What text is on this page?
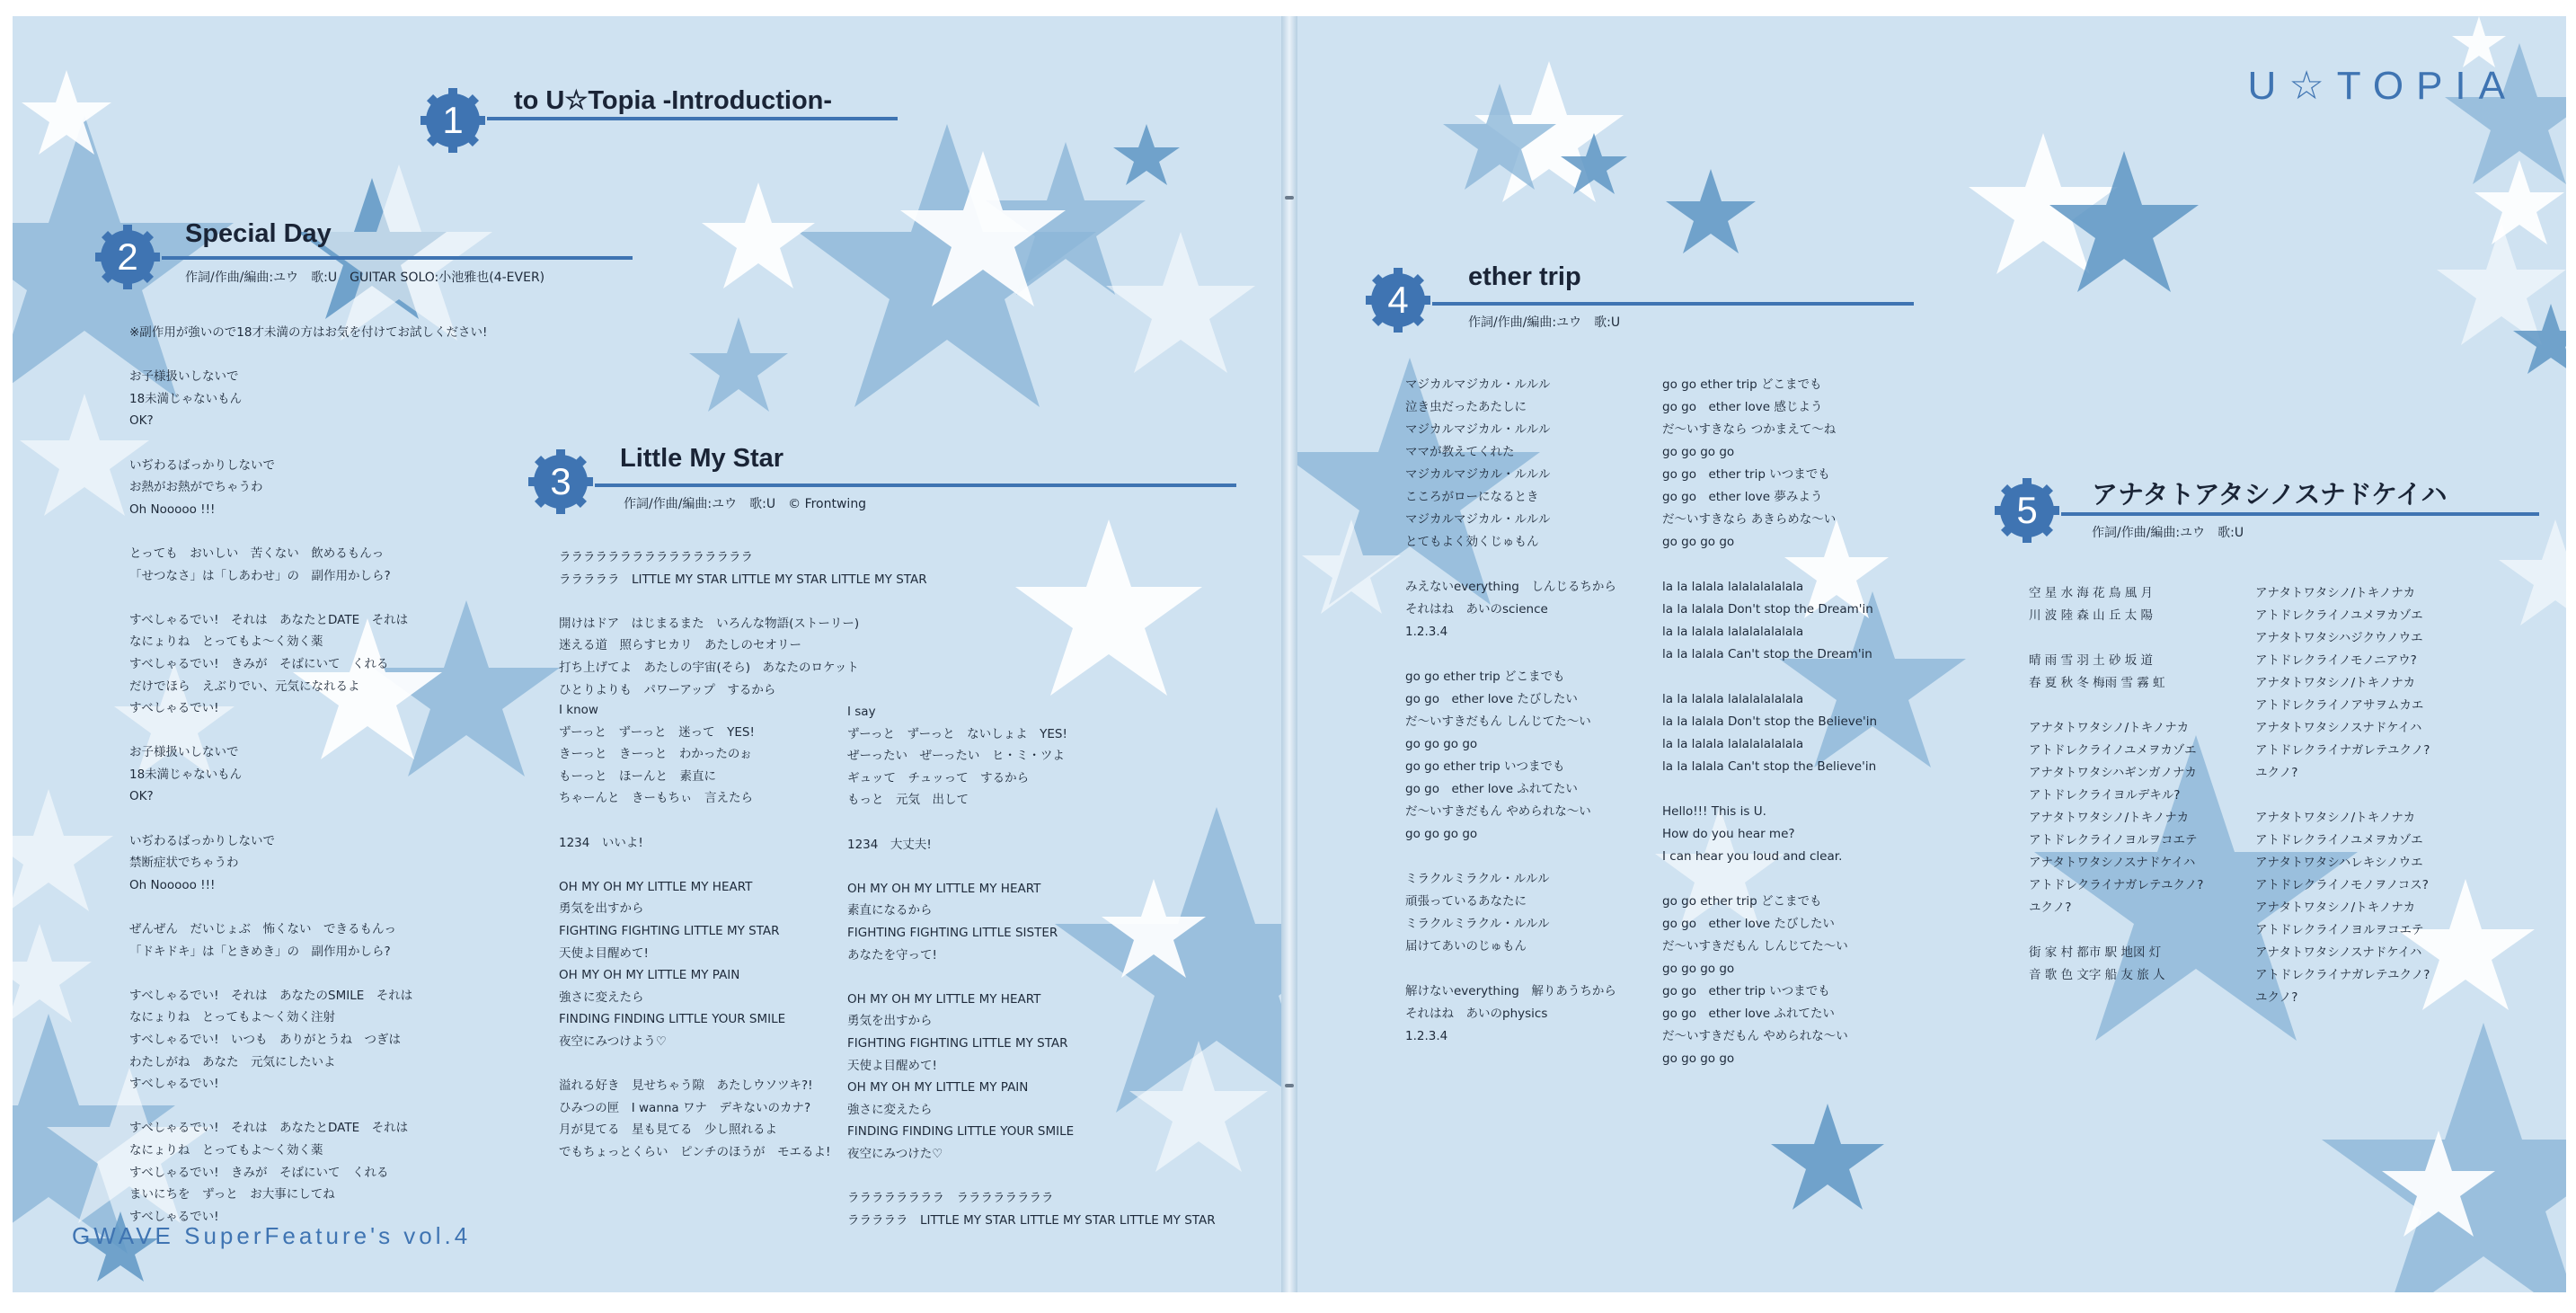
1	to U☆Topia -Introduction-
2
Special Day
作詞/作曲/編曲:ユウ　歌:U　GUITAR SOLO:小池雅也(4-EVER)
※副作用が強いので18才未満の方はお気を付けてお試しください!

お子様扱いしないで
18未満じゃないもん
OK?

いぢわるばっかりしないで
お熱がお熱がでちゃうわ
Oh Nooooo !!!

とっても　おいしい　苦くない　飲めるもんっ
「せつなさ」は「しあわせ」の　副作用かしら?

すべしゃるでい!　それは　あなたとDATE　それは
なにょりね　とってもよ～く効く薬
すべしゃるでい!　きみが　そばにいて　くれる
だけでほら　えぶりでい、元気になれるよ
すべしゃるでい!

お子様扱いしないで
18未満じゃないもん
OK?

いぢわるばっかりしないで
禁断症状でちゃうわ
Oh Nooooo !!!

ぜんぜん　だいじょぶ　怖くない　できるもんっ
「ドキドキ」は「ときめき」の　副作用かしら?

すべしゃるでい!　それは　あなたのSMILE　それは
なにょりね　とってもよ～く効く注射
すべしゃるでい!　いつも　ありがとうね　つぎは
わたしがね　あなた　元気にしたいよ
すべしゃるでい!

すべしゃるでい!　それは　あなたとDATE　それは
なにょりね　とってもよ～く効く薬
すべしゃるでい!　きみが　そばにいて　くれる
まいにちを　ずっと　お大事にしてね
すべしゃるでい!
3
Little My Star
作詞/作曲/編曲:ユウ　歌:U　© Frontwing
ララララララララララララララララ
ラララララ　LITTLE MY STAR LITTLE MY STAR LITTLE MY STAR

開けはドア　はじまるまた　いろんな物語(ストーリー)
迷える道　照らすヒカリ　あたしのセオリー
打ち上げてよ　あたしの宇宙(そら)　あなたのロケット
ひとりよりも　パワーアップ　するから
I know
ずーっと　ずーっと　迷って　YES!
きーっと　きーっと　わかったのぉ
もーっと　ほーんと　素直に
ちゃーんと　きーもちぃ　言えたら

1234　いいよ!

OH MY OH MY LITTLE MY HEART
勇気を出すから
FIGHTING FIGHTING LITTLE MY STAR
天使よ目醒めて!
OH MY OH MY LITTLE MY PAIN
強さに変えたら
FINDING FINDING LITTLE YOUR SMILE
夜空にみつけよう♡

溢れる好き　見せちゃう隙　あたしウソツキ?!
ひみつの匣　I wanna ワナ　デキないのカナ?
月が見てる　星も見てる　少し照れるよ
でもちょっとくらい　ピンチのほうが　モエるよ!
I say
ずーっと　ずーっと　ないしょよ　YES!
ぜーったい　ぜーったい　ヒ・ミ・ツよ
ギュッて　チュッって　するから
もっと　元気　出して

1234　大丈夫!

OH MY OH MY LITTLE MY HEART
素直になるから
FIGHTING FIGHTING LITTLE SISTER
あなたを守って!

OH MY OH MY LITTLE MY HEART
勇気を出すから
FIGHTING FIGHTING LITTLE MY STAR
天使よ目醒めて!
OH MY OH MY LITTLE MY PAIN
強さに変えたら
FINDING FINDING LITTLE YOUR SMILE
夜空にみつけた♡

ララララララララ　ララララララララ
ラララララ　LITTLE MY STAR LITTLE MY STAR LITTLE MY STAR
GWAVE SuperFeature's vol.4
U☆TOPIA
4
ether trip
作詞/作曲/編曲:ユウ　歌:U
マジカルマジカル・ルルル
泣き虫だったあたしに
マジカルマジカル・ルルル
ママが教えてくれた
マジカルマジカル・ルルル
こころがローになるとき
マジカルマジカル・ルルル
とてもよく効くじゅもん

みえないeverything　しんじるちから
それはね　あいのscience
1.2.3.4

go go ether trip どこまでも
go go　ether love たびしたい
だ～いすきだもん しんじてた～い
go go go go
go go ether trip いつまでも
go go　ether love ふれてたい
だ～いすきだもん やめられな～い
go go go go

ミラクルミラクル・ルルル
頑張っているあなたに
ミラクルミラクル・ルルル
届けてあいのじゅもん

解けないeverything　解りあうちから
それはね　あいのphysics
1.2.3.4
go go ether trip どこまでも
go go　ether love 感じよう
だ～いすきなら つかまえて～ね
go go go go
go go　ether trip いつまでも
go go　ether love 夢みよう
だ～いすきなら あきらめな～い
go go go go

la la lalala lalalalalalala
la la lalala Don't stop the Dream'in
la la lalala lalalalalalala
la la lalala Can't stop the Dream'in

la la lalala lalalalalalala
la la lalala Don't stop the Believe'in
la la lalala lalalalalalala
la la lalala Can't stop the Believe'in

Hello!!! This is U.
How do you hear me?
I can hear you loud and clear.

go go ether trip どこまでも
go go　ether love たびしたい
だ～いすきだもん しんじてた～い
go go go go
go go　ether trip いつまでも
go go　ether love ふれてたい
だ～いすきだもん やめられな～い
go go go go
5	アナタトアタシノスナドケイハ
作詞/作曲/編曲:ユウ　歌:U
空 星 水 海 花 鳥 風 月
川 波 陸 森 山 丘 太 陽

晴 雨 雪 羽 土 砂 坂 道
春 夏 秋 冬 梅雨 雪 霧 虹

アナタトワタシノ/トキノナカ
アトドレクライノユメヲカゾエ
アナタトワタシハギンガノナカ
アトドレクライヨルデキル?
アナタトワタシノ/トキノナカ
アトドレクライノヨルヲコエテ
アナタトワタシノスナドケイハ
アトドレクライナガレテユクノ?
ユクノ?

街 家 村 都市 駅 地図 灯
音 歌 色 文字 船 友 旅 人
アナタトワタシノ/トキノナカ
アトドレクライノユメヲカゾエ
アナタトワタシハジクウノウエ
アトドレクライノモノニアウ?
アナタトワタシノ/トキノナカ
アトドレクライノアサヲムカエ
アナタトワタシノスナドケイハ
アトドレクライナガレテユクノ?
ユクノ?

アナタトワタシノ/トキノナカ
アトドレクライノユメヲカゾエ
アナタトワタシハレキシノウエ
アトドレクライノモノヲノコス?
アナタトワタシノ/トキノナカ
アトドレクライノヨルヲコエテ
アナタトワタシノスナドケイハ
アトドレクライナガレテユクノ?
ユクノ?
